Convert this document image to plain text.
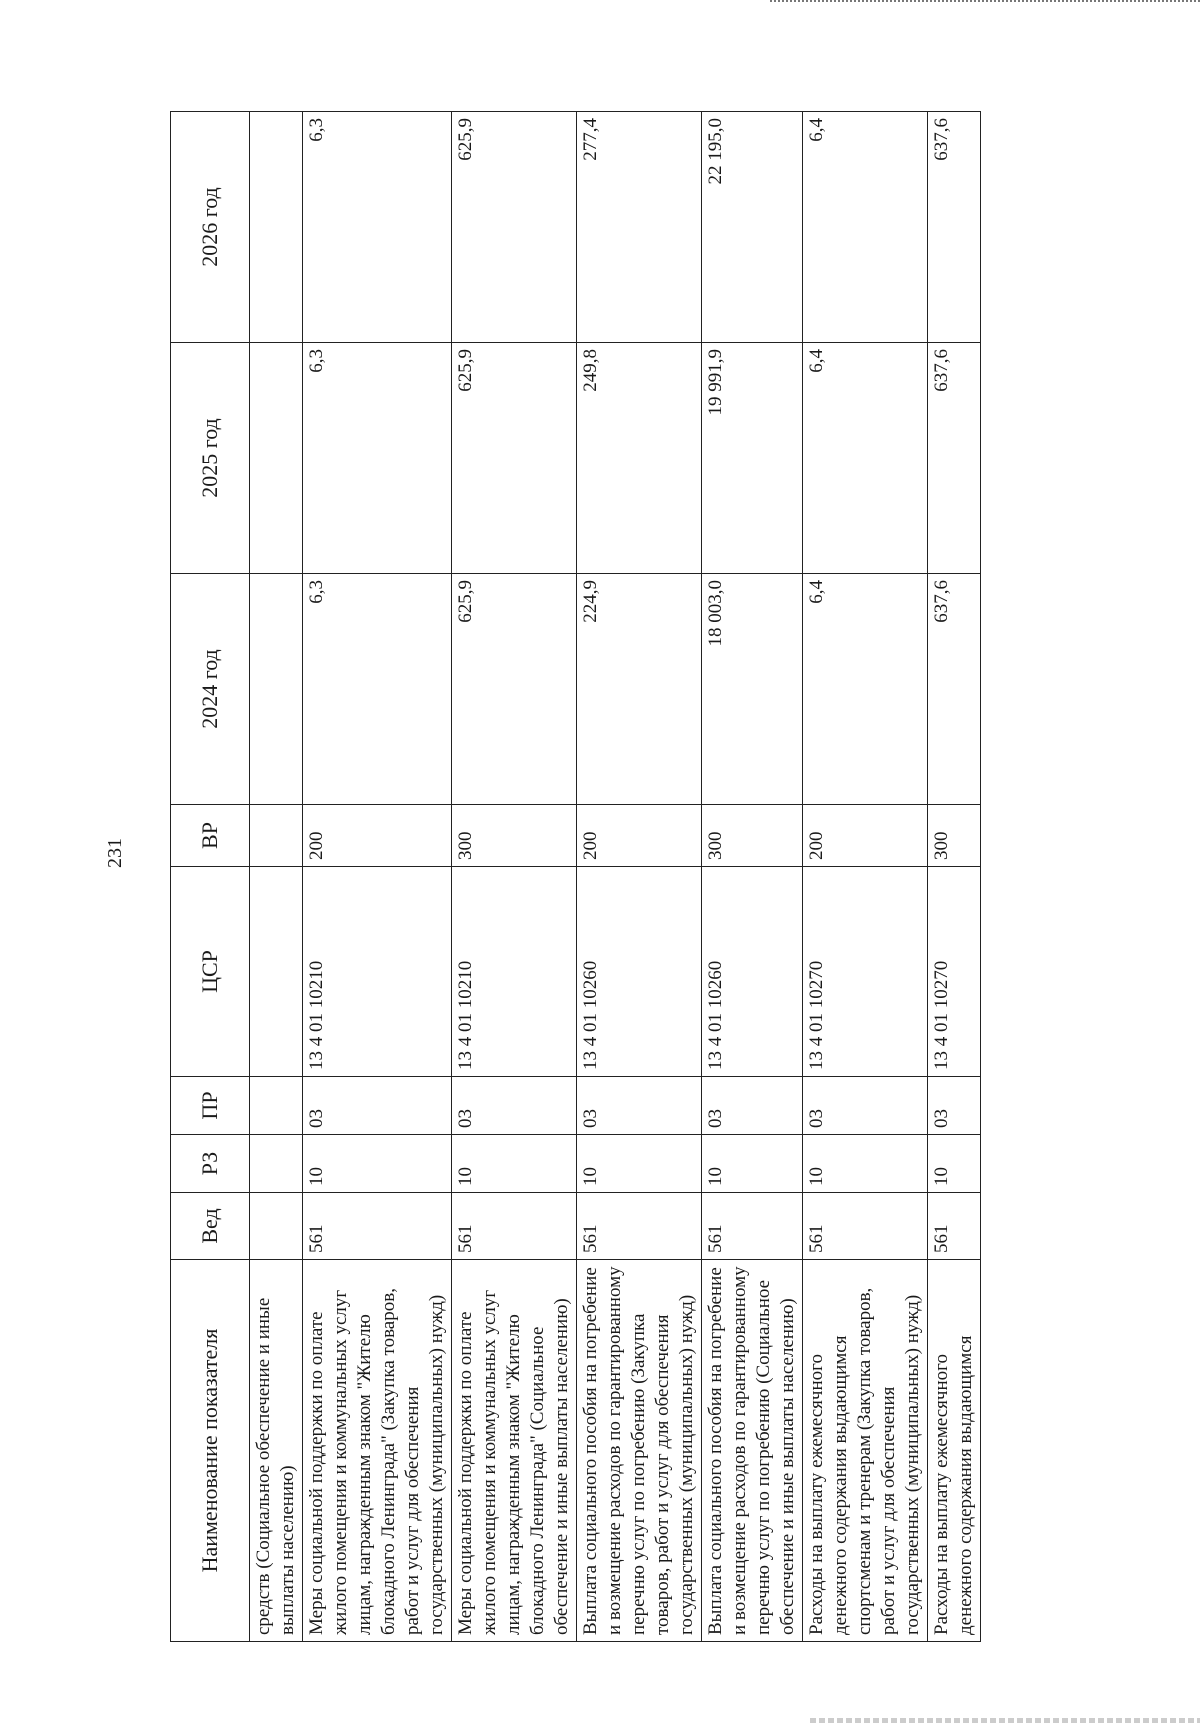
231
Наименование показателя	Вед	РЗ	ПР	ЦСР	ВР	2024 год	2025 год	2026 год
средств (Социальное обеспечение и иные выплаты населению)								
Меры социальной поддержки по оплате жилого помещения и коммунальных услуг лицам, награжденным знаком "Жителю блокадного Ленинграда" (Закупка товаров, работ и услуг для обеспечения государственных (муниципальных) нужд)	561	10	03	13 4 01 10210	200	6,3	6,3	6,3
Меры социальной поддержки по оплате жилого помещения и коммунальных услуг лицам, награжденным знаком "Жителю блокадного Ленинграда" (Социальное обеспечение и иные выплаты населению)	561	10	03	13 4 01 10210	300	625,9	625,9	625,9
Выплата социального пособия на погребение и возмещение расходов по гарантированному перечню услуг по погребению (Закупка товаров, работ и услуг для обеспечения государственных (муниципальных) нужд)	561	10	03	13 4 01 10260	200	224,9	249,8	277,4
Выплата социального пособия на погребение и возмещение расходов по гарантированному перечню услуг по погребению (Социальное обеспечение и иные выплаты населению)	561	10	03	13 4 01 10260	300	18 003,0	19 991,9	22 195,0
Расходы на выплату ежемесячного денежного содержания выдающимся спортсменам и тренерам (Закупка товаров, работ и услуг для обеспечения государственных (муниципальных) нужд)	561	10	03	13 4 01 10270	200	6,4	6,4	6,4
Расходы на выплату ежемесячного денежного содержания выдающимся	561	10	03	13 4 01 10270	300	637,6	637,6	637,6
